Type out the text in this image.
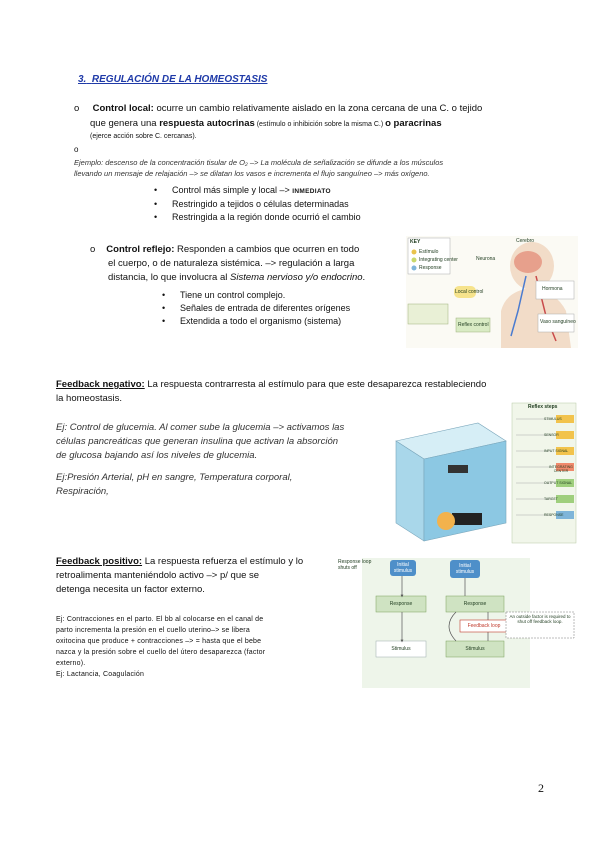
3. REGULACIÓN DE LA HOMEOSTASIS
o Control local: ocurre un cambio relativamente aislado en la zona cercana de una C. o tejido
que genera una respuesta autocrinas (estímulo o inhibición sobre la misma C.) o paracrinas
(ejerce acción sobre C. cercanas).
o
Ejemplo: descenso de la concentración tisular de O₂ –> La molécula de señalización se difunde a los músculos
llevando un mensaje de relajación –> se dilatan los vasos e incrementa el flujo sanguíneo –> más oxígeno.
• Control más simple y local –> INMEDIATO
• Restringido a tejidos o células determinadas
• Restringida a la región donde ocurrió el cambio
o Control reflejo: Responden a cambios que ocurren en todo
el cuerpo, o de naturaleza sistémica. –> regulación a larga
distancia, lo que involucra al Sistema nervioso y/o endocrino.
• Tiene un control complejo.
• Señales de entrada de diferentes orígenes
• Extendida a todo el organismo (sistema)
KEY
Estímulo
Integrating center
Response
Cerebro
Neurona
Local control
Reflex control
Hormona
Vaso sanguíneo
Feedback negativo: La respuesta contrarresta al estímulo para que este desaparezca restableciendo
la homeostasis.
Ej: Control de glucemia. Al comer sube la glucemia –> activamos las
células pancreáticas que generan insulina que activan la absorción
de glucosa bajando así los niveles de glucemia.
Ej:Presión Arterial, pH en sangre, Temperatura corporal,
Respiración,
Reflex steps
STIMULUS
SENSOR
INPUT SIGNAL
INTEGRATING CENTER
OUTPUT SIGNAL
TARGET
RESPONSE
Feedback positivo: La respuesta refuerza el estímulo y lo
retroalimenta manteniéndolo activo –> p/ que se
detenga necesita un factor externo.
Ej: Contracciones en el parto. El bb al colocarse en el canal de
parto incrementa la presión en el cuello uterino–> se libera
oxitocina que produce + contracciones –> = hasta que el bebe
nazca y la presión sobre el cuello del útero desaparezca (factor
externo).
Ej: Lactancia, Coagulación
Response loop shuts off	Initial stimulus
Response
Stimulus
Initial stimulus
Response
Stimulus
Feedback loop
An outside factor is required to shut off feedback loop.
2
